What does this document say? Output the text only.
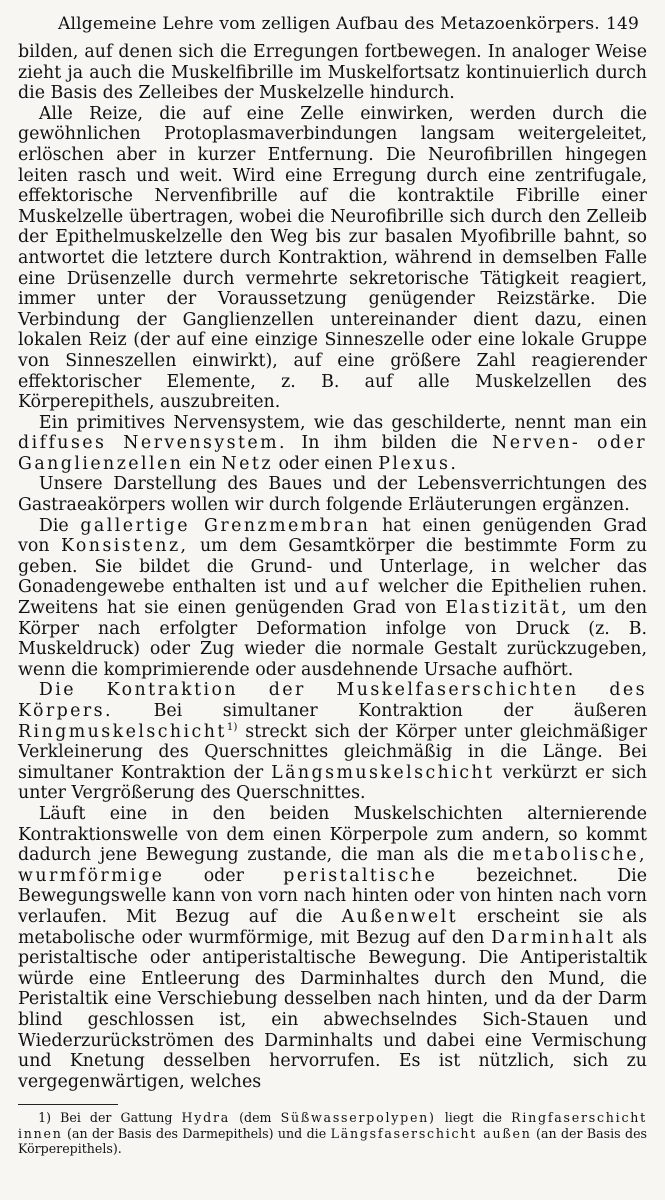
Allgemeine Lehre vom zelligen Aufbau des Metazoenkörpers. 149

bilden, auf denen sich die Erregungen fortbewegen. In analoger Weise zieht ja auch die Muskelfibrille im Muskelfortsatz kontinuierlich durch die Basis des Zelleibes der Muskelzelle hindurch.

Alle Reize, die auf eine Zelle einwirken, werden durch die gewöhnlichen Protoplasmaverbindungen langsam weitergeleitet, erlöschen aber in kurzer Entfernung. Die Neurofibrillen hingegen leiten rasch und weit. Wird eine Erregung durch eine zentrifugale, effektorische Nervenfibrille auf die kontraktile Fibrille einer Muskelzelle übertragen, wobei die Neurofibrille sich durch den Zelleib der Epithelmuskelzelle den Weg bis zur basalen Myofibrille bahnt, so antwortet die letztere durch Kontraktion, während in demselben Falle eine Drüsenzelle durch vermehrte sekretorische Tätigkeit reagiert, immer unter der Voraussetzung genügender Reizstärke. Die Verbindung der Ganglienzellen untereinander dient dazu, einen lokalen Reiz (der auf eine einzige Sinneszelle oder eine lokale Gruppe von Sinneszellen einwirkt), auf eine größere Zahl reagierender effektorischer Elemente, z. B. auf alle Muskelzellen des Körperepithels, auszubreiten.

Ein primitives Nervensystem, wie das geschilderte, nennt man ein diffuses Nervensystem. In ihm bilden die Nerven- oder Ganglienzellen ein Netz oder einen Plexus.

Unsere Darstellung des Baues und der Lebensverrichtungen des Gastraeakörpers wollen wir durch folgende Erläuterungen ergänzen.

Die gallertige Grenzmembran hat einen genügenden Grad von Konsistenz, um dem Gesamtkörper die bestimmte Form zu geben. Sie bildet die Grund- und Unterlage, in welcher das Gonadengewebe enthalten ist und auf welcher die Epithelien ruhen. Zweitens hat sie einen genügenden Grad von Elastizität, um den Körper nach erfolgter Deformation infolge von Druck (z. B. Muskeldruck) oder Zug wieder die normale Gestalt zurückzugeben, wenn die komprimierende oder ausdehnende Ursache aufhört.

Die Kontraktion der Muskelfaserschichten des Körpers. Bei simultaner Kontraktion der äußeren Ringmuskelschicht$^{1)}$ streckt sich der Körper unter gleichmäßiger Verkleinerung des Querschnittes gleichmäßig in die Länge. Bei simultaner Kontraktion der Längsmuskelschicht verkürzt er sich unter Vergrößerung des Querschnittes.

Läuft eine in den beiden Muskelschichten alternierende Kontraktionswelle von dem einen Körperpole zum andern, so kommt dadurch jene Bewegung zustande, die man als die metabolische, wurmförmige oder peristaltische bezeichnet. Die Bewegungswelle kann von vorn nach hinten oder von hinten nach vorn verlaufen. Mit Bezug auf die Außenwelt erscheint sie als metabolische oder wurmförmige, mit Bezug auf den Darminhalt als peristaltische oder antiperistaltische Bewegung. Die Antiperistaltik würde eine Entleerung des Darminhaltes durch den Mund, die Peristaltik eine Verschiebung desselben nach hinten, und da der Darm blind geschlossen ist, ein abwechselndes Sich-Stauen und Wiederzurückströmen des Darminhalts und dabei eine Vermischung und Knetung desselben hervorrufen. Es ist nützlich, sich zu vergegenwärtigen, welches

1) Bei der Gattung Hydra (dem Süßwasserpolypen) liegt die Ringfaserschicht innen (an der Basis des Darmepithels) und die Längsfaserschicht außen (an der Basis des Körperepithels).
